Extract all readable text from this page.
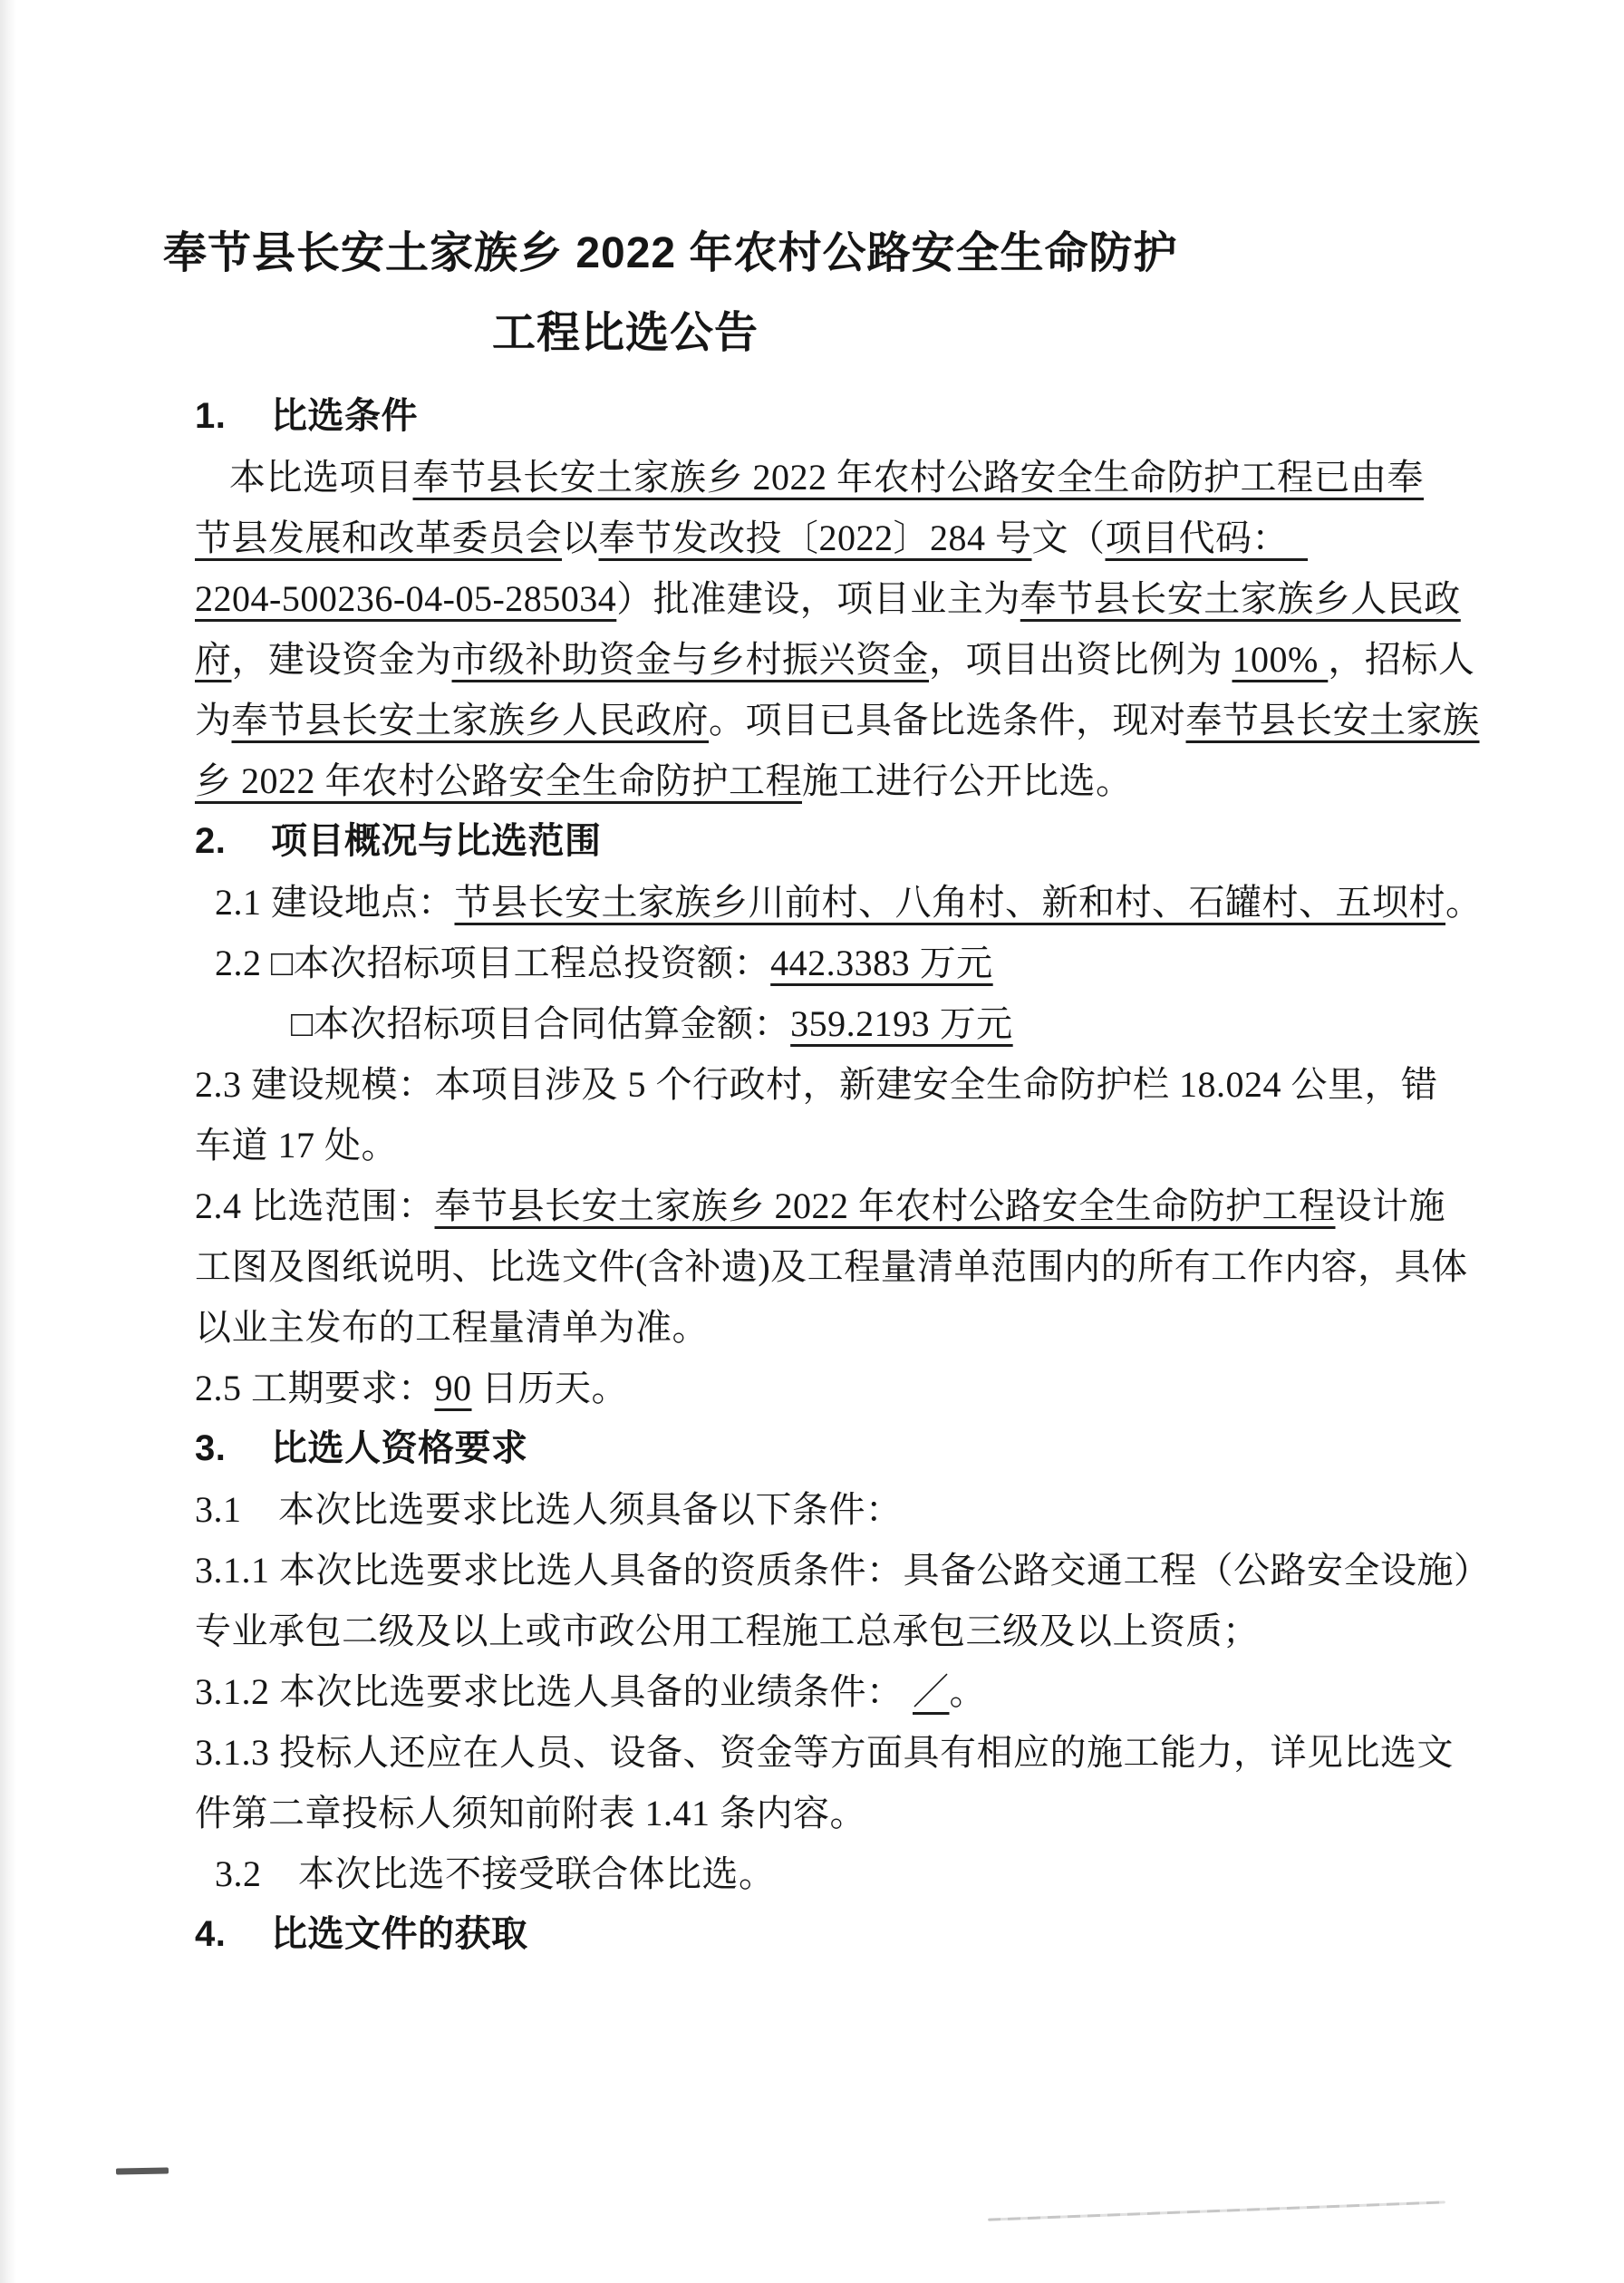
奉节县长安土家族乡 2022 年农村公路安全生命防护
工程比选公告
1. 比选条件
本比选项目奉节县长安土家族乡 2022 年农村公路安全生命防护工程已由奉
节县发展和改革委员会以奉节发改投〔2022〕284 号文（项目代码：
2204-500236-04-05-285034）批准建设，项目业主为奉节县长安土家族乡人民政
府，建设资金为市级补助资金与乡村振兴资金，项目出资比例为 100% ，招标人
为奉节县长安土家族乡人民政府。项目已具备比选条件，现对奉节县长安土家族
乡 2022 年农村公路安全生命防护工程施工进行公开比选。
2. 项目概况与比选范围
2.1 建设地点：节县长安土家族乡川前村、八角村、新和村、石罐村、五坝村。
2.2 □本次招标项目工程总投资额：442.3383 万元
□本次招标项目合同估算金额：359.2193 万元
2.3 建设规模：本项目涉及 5 个行政村，新建安全生命防护栏 18.024 公里，错
车道 17 处。
2.4 比选范围：奉节县长安土家族乡 2022 年农村公路安全生命防护工程设计施
工图及图纸说明、比选文件(含补遗)及工程量清单范围内的所有工作内容，具体
以业主发布的工程量清单为准。
2.5 工期要求：90 日历天。
3. 比选人资格要求
3.1　本次比选要求比选人须具备以下条件：
3.1.1 本次比选要求比选人具备的资质条件：具备公路交通工程（公路安全设施）
专业承包二级及以上或市政公用工程施工总承包三级及以上资质；
3.1.2 本次比选要求比选人具备的业绩条件： ／。
3.1.3 投标人还应在人员、设备、资金等方面具有相应的施工能力，详见比选文
件第二章投标人须知前附表 1.41 条内容。
3.2　本次比选不接受联合体比选。
4. 比选文件的获取
